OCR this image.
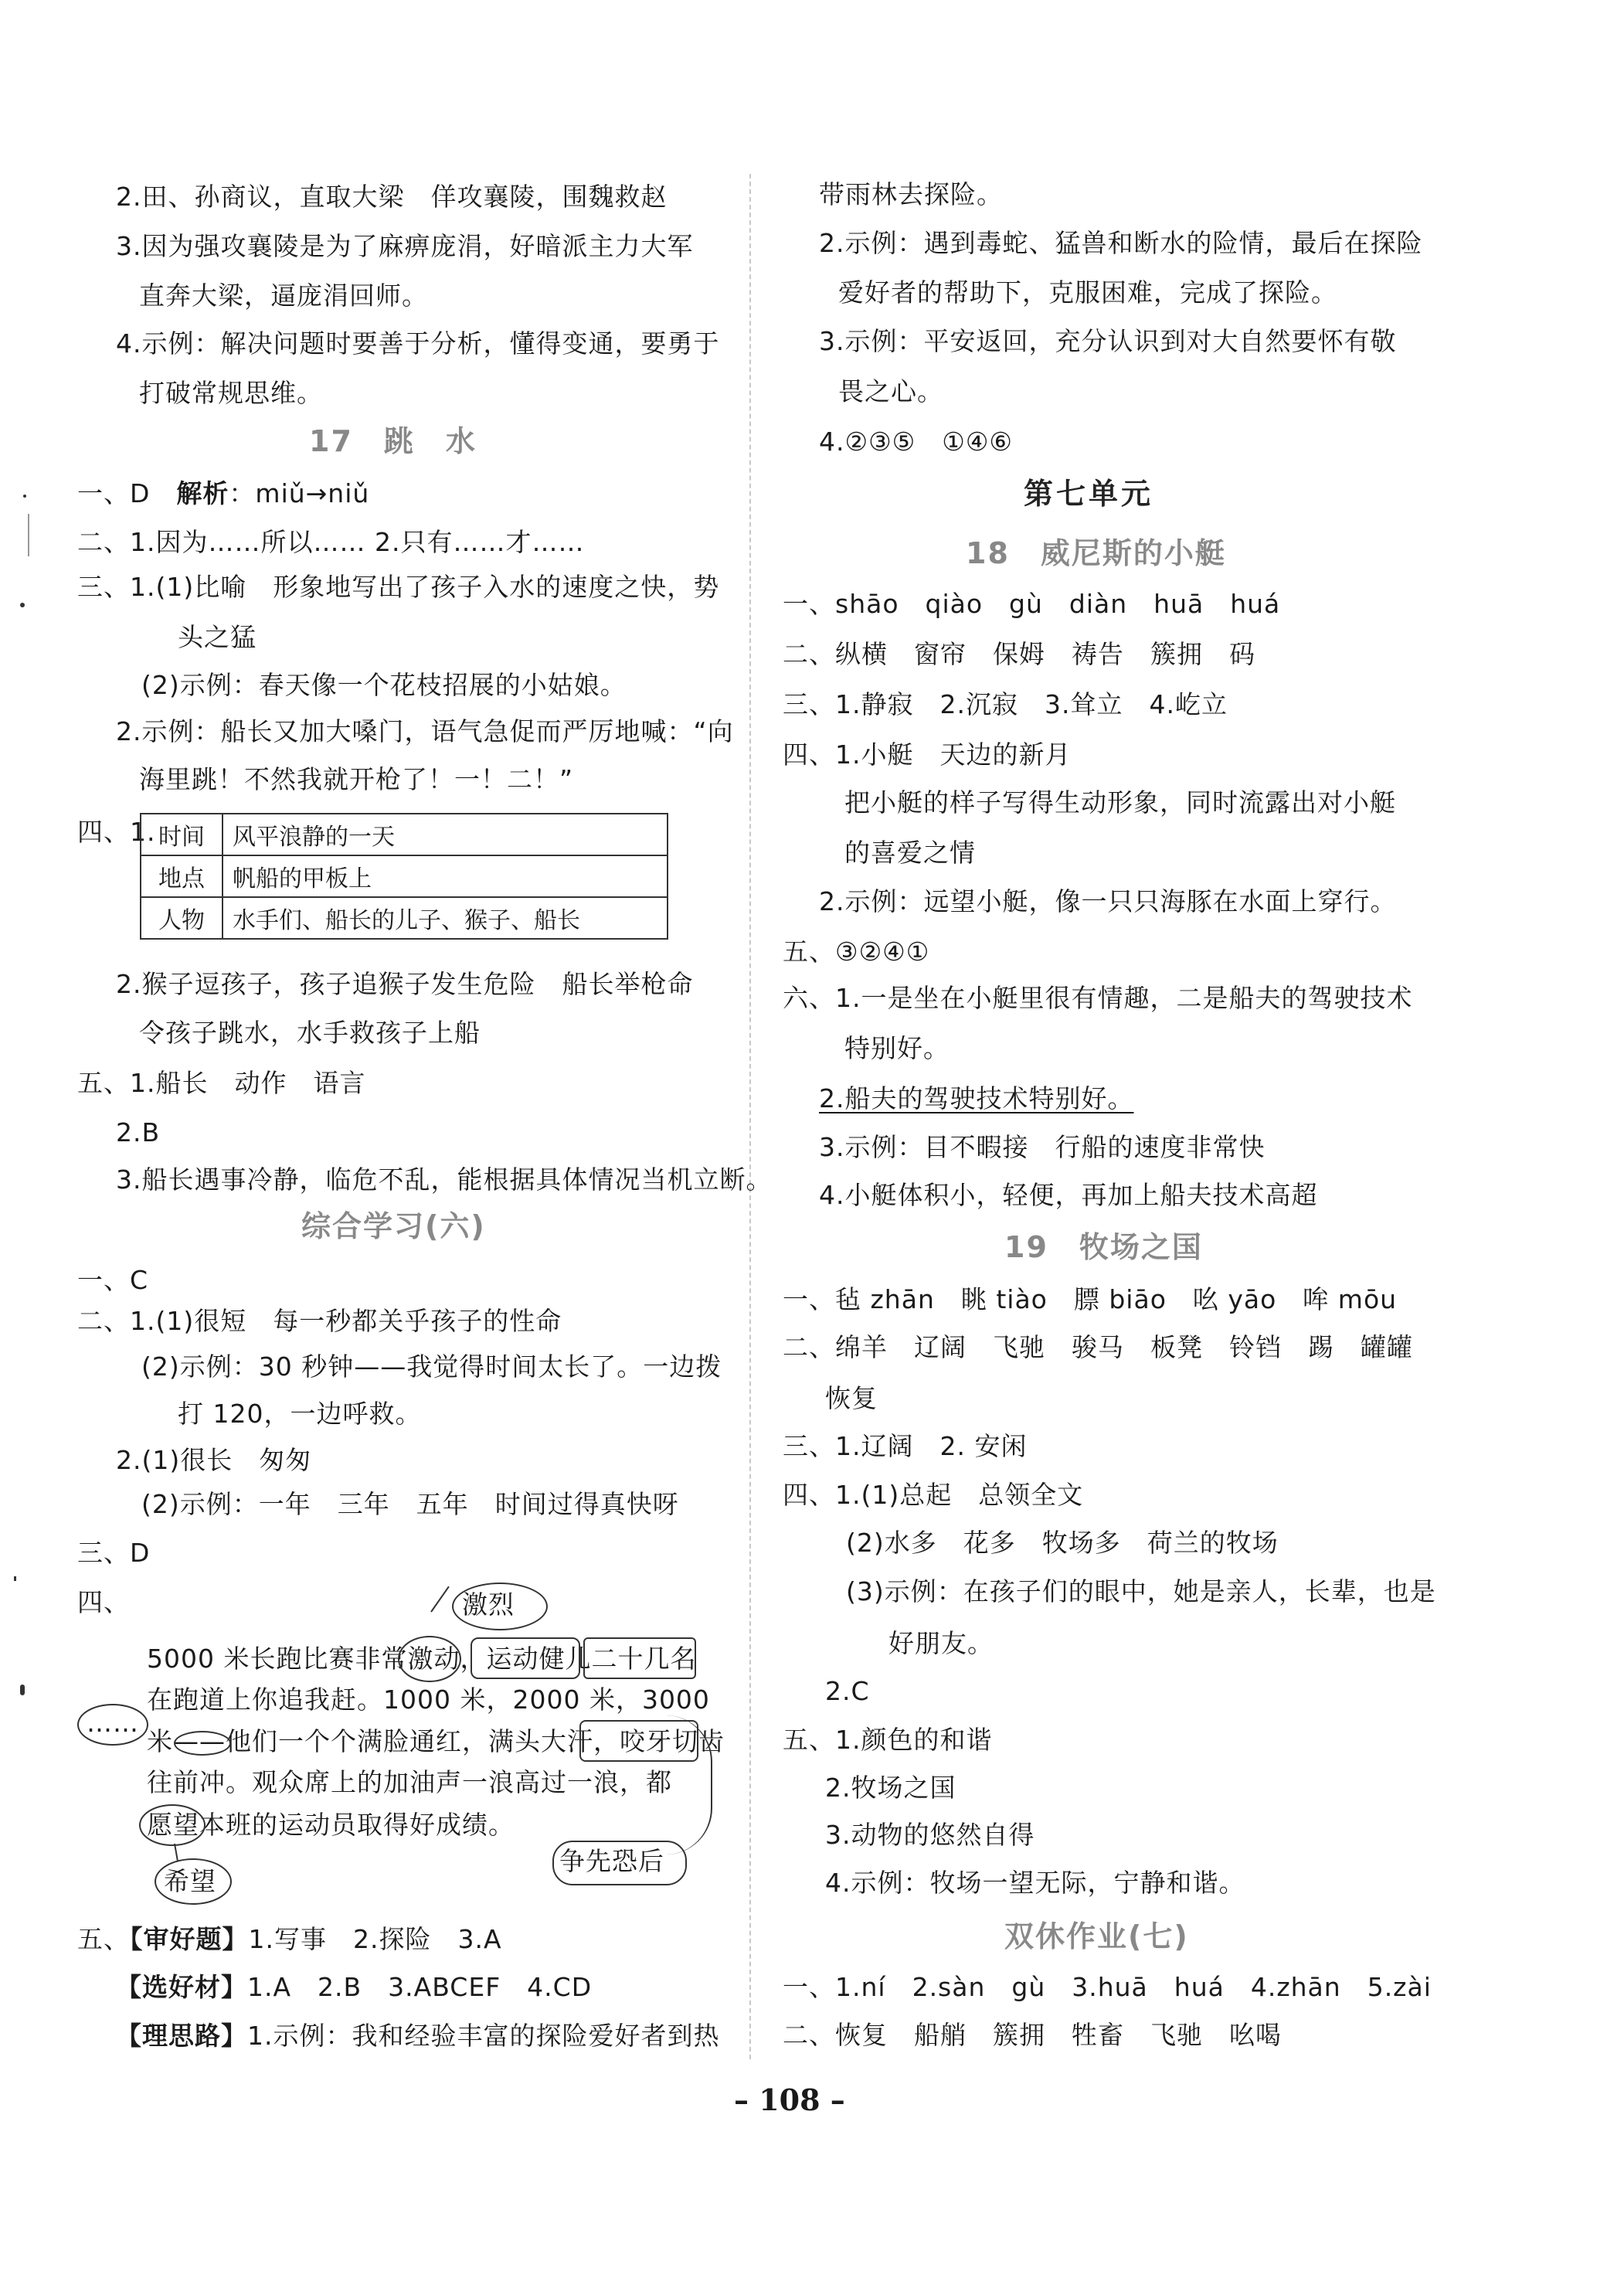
2.田、孙商议，直取大梁　佯攻襄陵，围魏救赵
3.因为强攻襄陵是为了麻痹庞涓，好暗派主力大军
直奔大梁，逼庞涓回师。
4.示例：解决问题时要善于分析，懂得变通，要勇于
打破常规思维。
17　跳　水
一、D　解析：miǔ→niǔ
二、1.因为……所以…… 2.只有……才……
三、1.(1)比喻　形象地写出了孩子入水的速度之快，势
头之猛
(2)示例：春天像一个花枝招展的小姑娘。
2.示例：船长又加大嗓门，语气急促而严厉地喊：“向
海里跳！不然我就开枪了！一！二！”
四、1. 时间	风平浪静的一天
地点	帆船的甲板上
人物	水手们、船长的儿子、猴子、船长
2.猴子逗孩子，孩子追猴子发生危险　船长举枪命
令孩子跳水，水手救孩子上船
五、1.船长　动作　语言
2.B
3.船长遇事冷静，临危不乱，能根据具体情况当机立断。
综合学习(六)
一、C
二、1.(1)很短　每一秒都关乎孩子的性命
(2)示例：30 秒钟——我觉得时间太长了。一边拨
打 120，一边呼救。
2.(1)很长　匆匆
(2)示例：一年　三年　五年　时间过得真快呀
三、D
四、
5000 米长跑比赛非常激动，运动健儿二十几名
在跑道上你追我赶。1000 米，2000 米，3000
米——他们一个个满脸通红，满头大汗，咬牙切齿
往前冲。观众席上的加油声一浪高过一浪，都
愿望本班的运动员取得好成绩。
激烈
……
希望
争先恐后
五、【审好题】1.写事　2.探险　3.A
【选好材】1.A　2.B　3.ABCEF　4.CD
【理思路】1.示例：我和经验丰富的探险爱好者到热
带雨林去探险。
2.示例：遇到毒蛇、猛兽和断水的险情，最后在探险
爱好者的帮助下，克服困难，完成了探险。
3.示例：平安返回，充分认识到对大自然要怀有敬
畏之心。
4.②③⑤　①④⑥
第七单元
18　威尼斯的小艇
一、shāo　qiào　gù　diàn　huā　huá
二、纵横　窗帘　保姆　祷告　簇拥　码
三、1.静寂　2.沉寂　3.耸立　4.屹立
四、1.小艇　天边的新月
把小艇的样子写得生动形象，同时流露出对小艇
的喜爱之情
2.示例：远望小艇，像一只只海豚在水面上穿行。
五、③②④①
六、1.一是坐在小艇里很有情趣，二是船夫的驾驶技术
特别好。
2.船夫的驾驶技术特别好。
3.示例：目不暇接　行船的速度非常快
4.小艇体积小，轻便，再加上船夫技术高超
19　牧场之国
一、毡 zhān　眺 tiào　膘 biāo　吆 yāo　哞 mōu
二、绵羊　辽阔　飞驰　骏马　板凳　铃铛　踢　罐罐
恢复
三、1.辽阔　2. 安闲
四、1.(1)总起　总领全文
(2)水多　花多　牧场多　荷兰的牧场
(3)示例：在孩子们的眼中，她是亲人，长辈，也是
好朋友。
2.C
五、1.颜色的和谐
2.牧场之国
3.动物的悠然自得
4.示例：牧场一望无际，宁静和谐。
双休作业(七)
一、1.ní　2.sàn　gù　3.huā　huá　4.zhān　5.zài
二、恢复　船艄　簇拥　牲畜　飞驰　吆喝
– 108 –
